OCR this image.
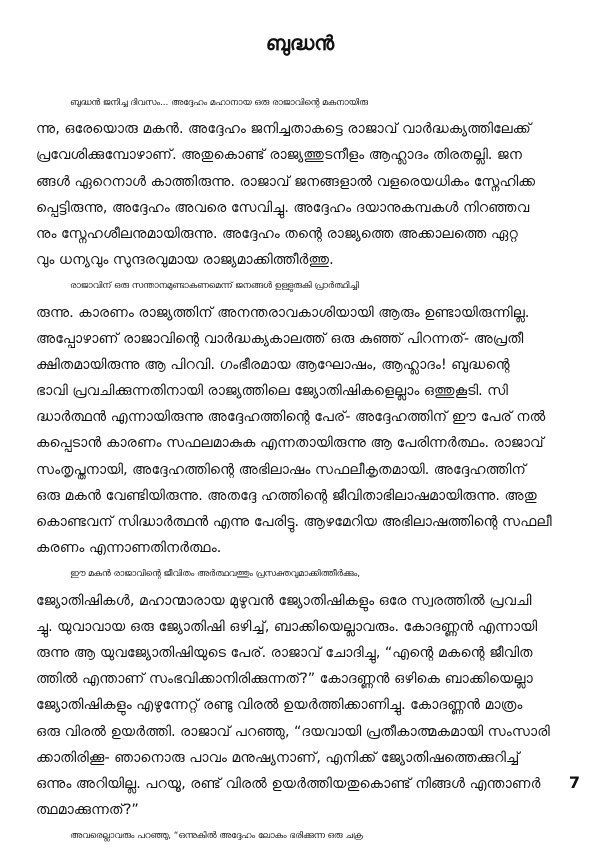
ബുദ്ധൻ
ബുദ്ധൻ ജനിച്ച ദിവസം... അദ്ദേഹം മഹാനായ ഒരു രാജാവിന്റെ മകനായിരു
ന്നു, ഒരേയൊരു മകൻ. അദ്ദേഹം ജനിച്ചതാകട്ടെ രാജാവ് വാർദ്ധക്യത്തിലേക്ക്
പ്രവേശിക്കുമ്പോഴാണ്. അതുകൊണ്ട് രാജ്യത്തുടനീളം ആഹ്ലാദം തിരതല്ലി. ജന
ങ്ങൾ ഏറെനാൾ കാത്തിരുന്നു. രാജാവ് ജനങ്ങളാൽ വളരെയധികം സ്നേഹിക്ക
പ്പെട്ടിരുന്നു, അദ്ദേഹം അവരെ സേവിച്ചു. അദ്ദേഹം ദയാനുകമ്പകൾ നിറഞ്ഞവ
നും സ്നേഹശീലനുമായിരുന്നു. അദ്ദേഹം തന്റെ രാജ്യത്തെ അക്കാലത്തെ ഏറ്റ
വും ധന്യവും സുന്ദരവുമായ രാജ്യമാക്കിത്തീർത്തു.
രാജാവിന് ഒരു സന്താനമുണ്ടാകണമെന്ന് ജനങ്ങൾ ഉള്ളുരുകി പ്രാർത്ഥിച്ചി
രുന്നു. കാരണം രാജ്യത്തിന് അനന്തരാവകാശിയായി ആരും ഉണ്ടായിരുന്നില്ല.
അപ്പോഴാണ് രാജാവിന്റെ വാർദ്ധക്യകാലത്ത് ഒരു കുഞ്ഞ് പിറന്നത്- അപ്രതീ
ക്ഷിതമായിരുന്നു ആ പിറവി. ഗംഭീരമായ ആഘോഷം, ആഹ്ലാദം! ബുദ്ധന്റെ
ഭാവി പ്രവചിക്കുന്നതിനായി രാജ്യത്തിലെ ജ്യോതിഷികളെല്ലാം ഒത്തുകൂടി. സി
ദ്ധാർത്ഥൻ എന്നായിരുന്നു അദ്ദേഹത്തിന്റെ പേര്- അദ്ദേഹത്തിന് ഈ പേര് നൽ
കപ്പെടാൻ കാരണം സഫലമാകുക എന്നതായിരുന്നു ആ പേരിന്നർത്ഥം. രാജാവ്
സംതൃപ്തനായി, അദ്ദേഹത്തിന്റെ അഭിലാഷം സഫലീകൃതമായി. അദ്ദേഹത്തിന്
ഒരു മകൻ വേണ്ടിയിരുന്നു. അതദ്ദേ ഹത്തിന്റെ ജീവിതാഭിലാഷമായിരുന്നു. അതു
കൊണ്ടവന് സിദ്ധാർത്ഥൻ എന്നു പേരിട്ടു. ആഴമേറിയ അഭിലാഷത്തിന്റെ സഫലീ
കരണം എന്നാണതിനർത്ഥം.
ഈ മകൻ രാജാവിന്റെ ജീവിതം അർത്ഥവത്തും പ്രസക്തവുമാക്കിത്തീർക്കും,
ജ്യോതിഷികൾ, മഹാന്മാരായ മുഴുവൻ ജ്യോതിഷികളും ഒരേ സ്വരത്തിൽ പ്രവചി
ച്ചു. യുവാവായ ഒരു ജ്യോതിഷി ഒഴിച്ച്, ബാക്കിയെല്ലാവരും. കോദണ്ണൻ എന്നായി
രുന്നു ആ യുവജ്യോതിഷിയുടെ പേര്. രാജാവ് ചോദിച്ചു, “എന്റെ മകന്റെ ജീവിത
ത്തിൽ എന്താണ് സംഭവിക്കാനിരിക്കുന്നത്?” കോദണ്ണൻ ഒഴികെ ബാക്കിയെല്ലാ
ജ്യോതിഷികളും എഴുന്നേറ്റ് രണ്ടു വിരൽ ഉയർത്തിക്കാണിച്ചു. കോദണ്ണൻ മാത്രം
ഒരു വിരൽ ഉയർത്തി. രാജാവ് പറഞ്ഞു, “ദയവായി പ്രതീകാത്മകമായി സംസാരി
ക്കാതിരിക്കൂ- ഞാനൊരു പാവം മനുഷ്യനാണ്, എനിക്ക് ജ്യോതിഷത്തെക്കുറിച്ച്
ഒന്നും അറിയില്ല. പറയൂ, രണ്ട് വിരൽ ഉയർത്തിയതുകൊണ്ട് നിങ്ങൾ എന്താണർ
ത്ഥമാക്കുന്നത്?”
അവരെല്ലാവരും പറഞ്ഞു, “ഒന്നുകിൽ അദ്ദേഹം ലോകം ഭരിക്കുന്ന ഒരു ചക്ര
7
